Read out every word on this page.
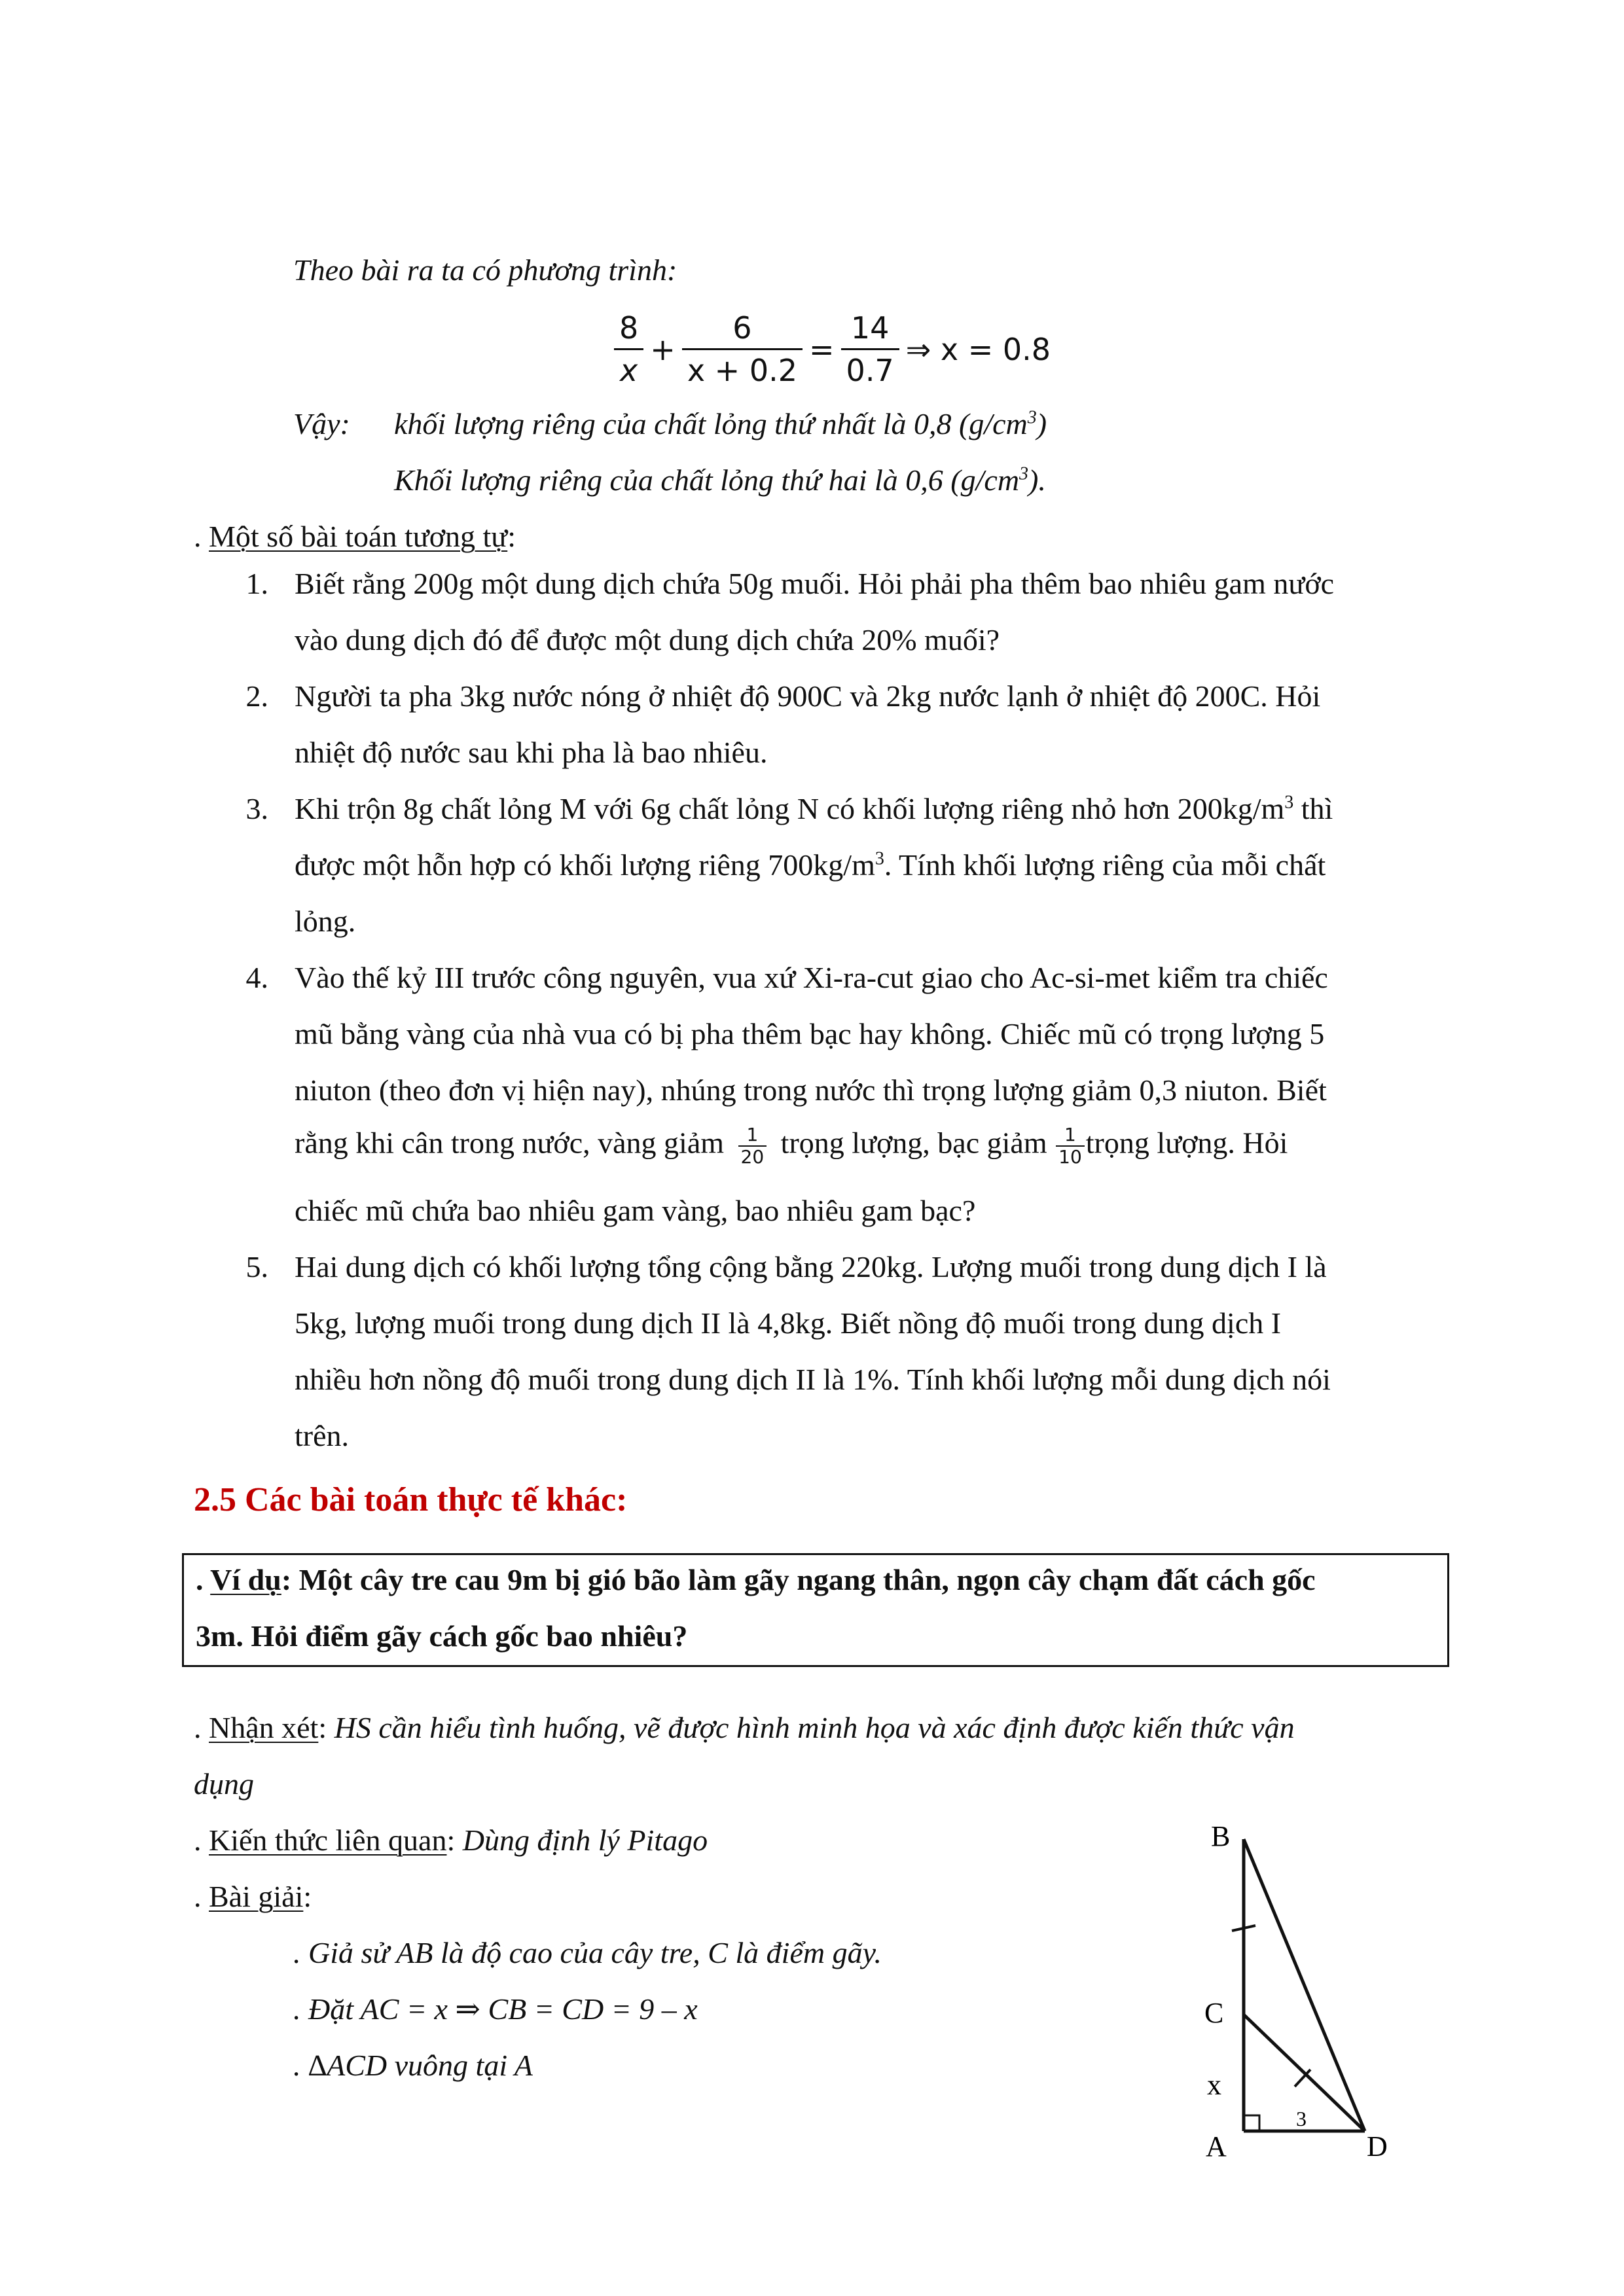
Theo bài ra ta có phương trình:
$\frac{8}{x} + \frac{6}{x + 0.2} = \frac{14}{0.7}$ ⇒ x = 0.8
Vậy: khối lượng riêng của chất lỏng thứ nhất là 0,8 $(g/cm^3)$
Khối lượng riêng của chất lỏng thứ hai là 0,6 $(g/cm^3)$.
. Một số bài toán tương tự:
1. Biết rằng 200g một dung dịch chứa 50g muối. Hỏi phải pha thêm bao nhiêu gam nước
vào dung dịch đó để được một dung dịch chứa 20% muối?
2. Người ta pha 3kg nước nóng ở nhiệt độ 900C và 2kg nước lạnh ở nhiệt độ 200C. Hỏi
nhiệt độ nước sau khi pha là bao nhiêu.
3. Khi trộn 8g chất lỏng M với 6g chất lỏng N có khối lượng riêng nhỏ hơn $200kg/m^3$ thì
được một hỗn hợp có khối lượng riêng $700kg/m^3$. Tính khối lượng riêng của mỗi chất
lỏng.
4. Vào thế kỷ III trước công nguyên, vua xứ Xi-ra-cut giao cho Ac-si-met kiểm tra chiếc
mũ bằng vàng của nhà vua có bị pha thêm bạc hay không. Chiếc mũ có trọng lượng 5
niuton (theo đơn vị hiện nay), nhúng trong nước thì trọng lượng giảm 0,3 niuton. Biết
rằng khi cân trong nước, vàng giảm $\frac{1}{20}$ trọng lượng, bạc giảm $\frac{1}{10}$ trọng lượng. Hỏi
chiếc mũ chứa bao nhiêu gam vàng, bao nhiêu gam bạc?
5. Hai dung dịch có khối lượng tổng cộng bằng 220kg. Lượng muối trong dung dịch I là
5kg, lượng muối trong dung dịch II là 4,8kg. Biết nồng độ muối trong dung dịch I
nhiều hơn nồng độ muối trong dung dịch II là 1%. Tính khối lượng mỗi dung dịch nói
trên.
2.5 Các bài toán thực tế khác:
. Ví dụ: Một cây tre cau 9m bị gió bão làm gãy ngang thân, ngọn cây chạm đất cách gốc
3m. Hỏi điểm gãy cách gốc bao nhiêu?
. Nhận xét: HS cần hiểu tình huống, vẽ được hình minh họa và xác định được kiến thức vận
dụng
. Kiến thức liên quan: Dùng định lý Pitago
. Bài giải:
. Giả sử AB là độ cao của cây tre, C là điểm gãy.
. Đặt AC = x ⇒ CB = CD = 9 – x
. ∆ACD vuông tại A
B
C
x
A
3
D
